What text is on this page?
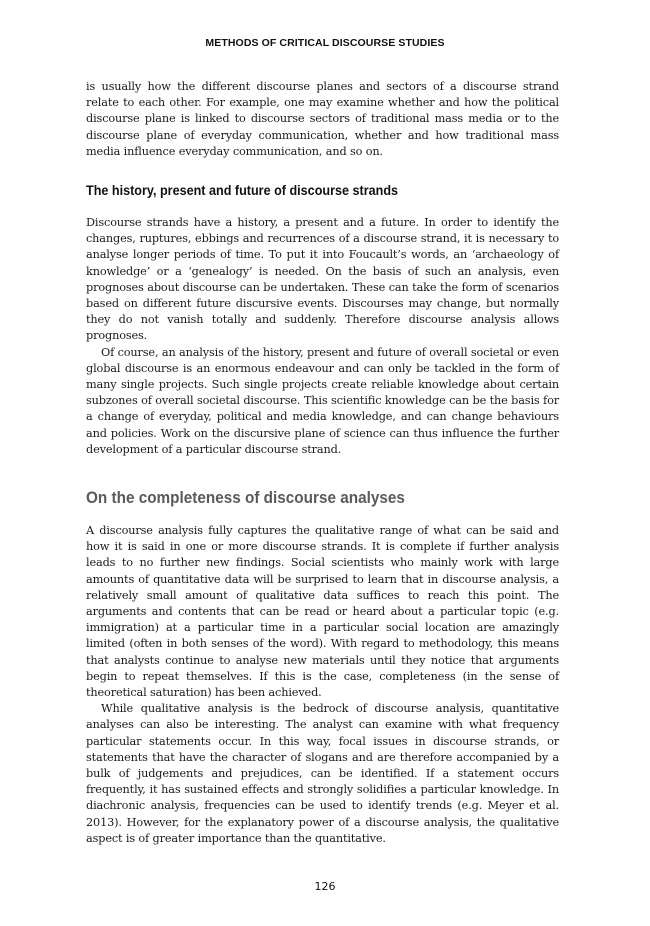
METHODS OF CRITICAL DISCOURSE STUDIES

is usually how the different discourse planes and sectors of a discourse strand relate to each other. For example, one may examine whether and how the political discourse plane is linked to discourse sectors of traditional mass media or to the discourse plane of everyday communication, whether and how traditional mass media influence everyday communication, and so on.

The history, present and future of discourse strands

Discourse strands have a history, a present and a future. In order to identify the changes, ruptures, ebbings and recurrences of a discourse strand, it is necessary to analyse longer periods of time. To put it into Foucault’s words, an ‘archaeology of knowledge’ or a ‘genealogy’ is needed. On the basis of such an analysis, even prognoses about discourse can be undertaken. These can take the form of scenarios based on different future discursive events. Discourses may change, but normally they do not vanish totally and suddenly. Therefore discourse analysis allows prognoses.

Of course, an analysis of the history, present and future of overall societal or even global discourse is an enormous endeavour and can only be tackled in the form of many single projects. Such single projects create reliable knowledge about certain subzones of overall societal discourse. This scientific knowledge can be the basis for a change of everyday, political and media knowledge, and can change behaviours and policies. Work on the discursive plane of science can thus influence the further development of a particular discourse strand.

On the completeness of discourse analyses

A discourse analysis fully captures the qualitative range of what can be said and how it is said in one or more discourse strands. It is complete if further analysis leads to no further new findings. Social scientists who mainly work with large amounts of quantitative data will be surprised to learn that in discourse analysis, a relatively small amount of qualitative data suffices to reach this point. The arguments and contents that can be read or heard about a particular topic (e.g. immigration) at a particular time in a particular social location are amazingly limited (often in both senses of the word). With regard to methodology, this means that analysts continue to analyse new materials until they notice that arguments begin to repeat themselves. If this is the case, completeness (in the sense of theoretical saturation) has been achieved.

While qualitative analysis is the bedrock of discourse analysis, quantitative analyses can also be interesting. The analyst can examine with what frequency particular statements occur. In this way, focal issues in discourse strands, or statements that have the character of slogans and are therefore accompanied by a bulk of judgements and prejudices, can be identified. If a statement occurs frequently, it has sustained effects and strongly solidifies a particular knowledge. In diachronic analysis, frequencies can be used to identify trends (e.g. Meyer et al. 2013). However, for the explanatory power of a discourse analysis, the qualitative aspect is of greater importance than the quantitative.

126
